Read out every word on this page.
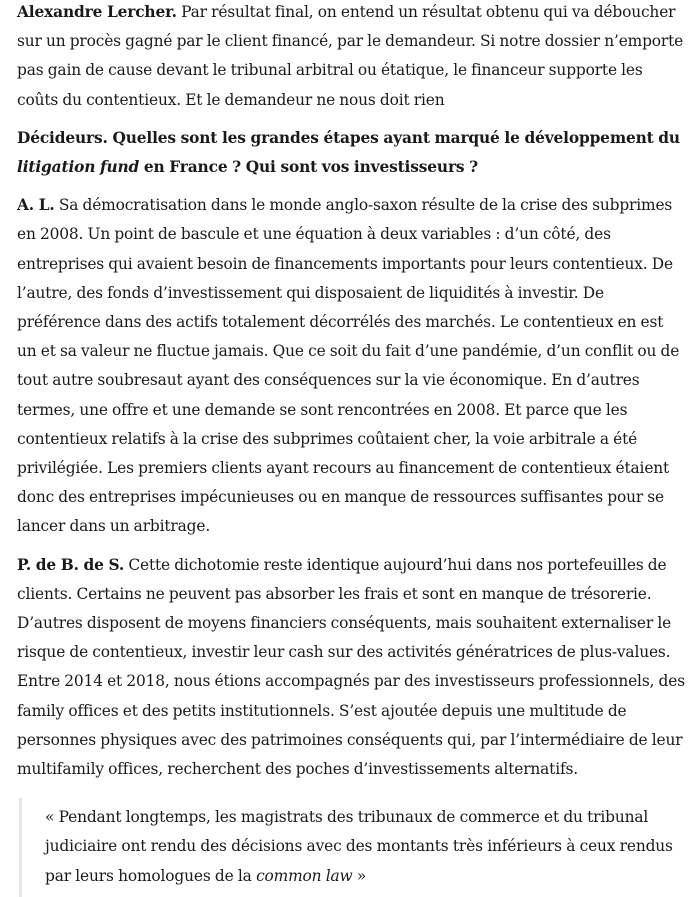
Alexandre Lercher. Par résultat final, on entend un résultat obtenu qui va déboucher sur un procès gagné par le client financé, par le demandeur. Si notre dossier n’emporte pas gain de cause devant le tribunal arbitral ou étatique, le financeur supporte les coûts du contentieux. Et le demandeur ne nous doit rien

Décideurs. Quelles sont les grandes étapes ayant marqué le développement du litigation fund en France ? Qui sont vos investisseurs ?

A. L. Sa démocratisation dans le monde anglo-saxon résulte de la crise des subprimes en 2008. Un point de bascule et une équation à deux variables : d’un côté, des entreprises qui avaient besoin de financements importants pour leurs contentieux. De l’autre, des fonds d’investissement qui disposaient de liquidités à investir. De préférence dans des actifs totalement décorrélés des marchés. Le contentieux en est un et sa valeur ne fluctue jamais. Que ce soit du fait d’une pandémie, d’un conflit ou de tout autre soubresaut ayant des conséquences sur la vie économique. En d’autres termes, une offre et une demande se sont rencontrées en 2008. Et parce que les contentieux relatifs à la crise des subprimes coûtaient cher, la voie arbitrale a été privilégiée. Les premiers clients ayant recours au financement de contentieux étaient donc des entreprises impécunieuses ou en manque de ressources suffisantes pour se lancer dans un arbitrage.

P. de B. de S. Cette dichotomie reste identique aujourd’hui dans nos portefeuilles de clients. Certains ne peuvent pas absorber les frais et sont en manque de trésorerie. D’autres disposent de moyens financiers conséquents, mais souhaitent externaliser le risque de contentieux, investir leur cash sur des activités génératrices de plus-values. Entre 2014 et 2018, nous étions accompagnés par des investisseurs professionnels, des family offices et des petits institutionnels. S’est ajoutée depuis une multitude de personnes physiques avec des patrimoines conséquents qui, par l’intermédiaire de leur multifamily offices, recherchent des poches d’investissements alternatifs.

« Pendant longtemps, les magistrats des tribunaux de commerce et du tribunal judiciaire ont rendu des décisions avec des montants très inférieurs à ceux rendus par leurs homologues de la common law »
